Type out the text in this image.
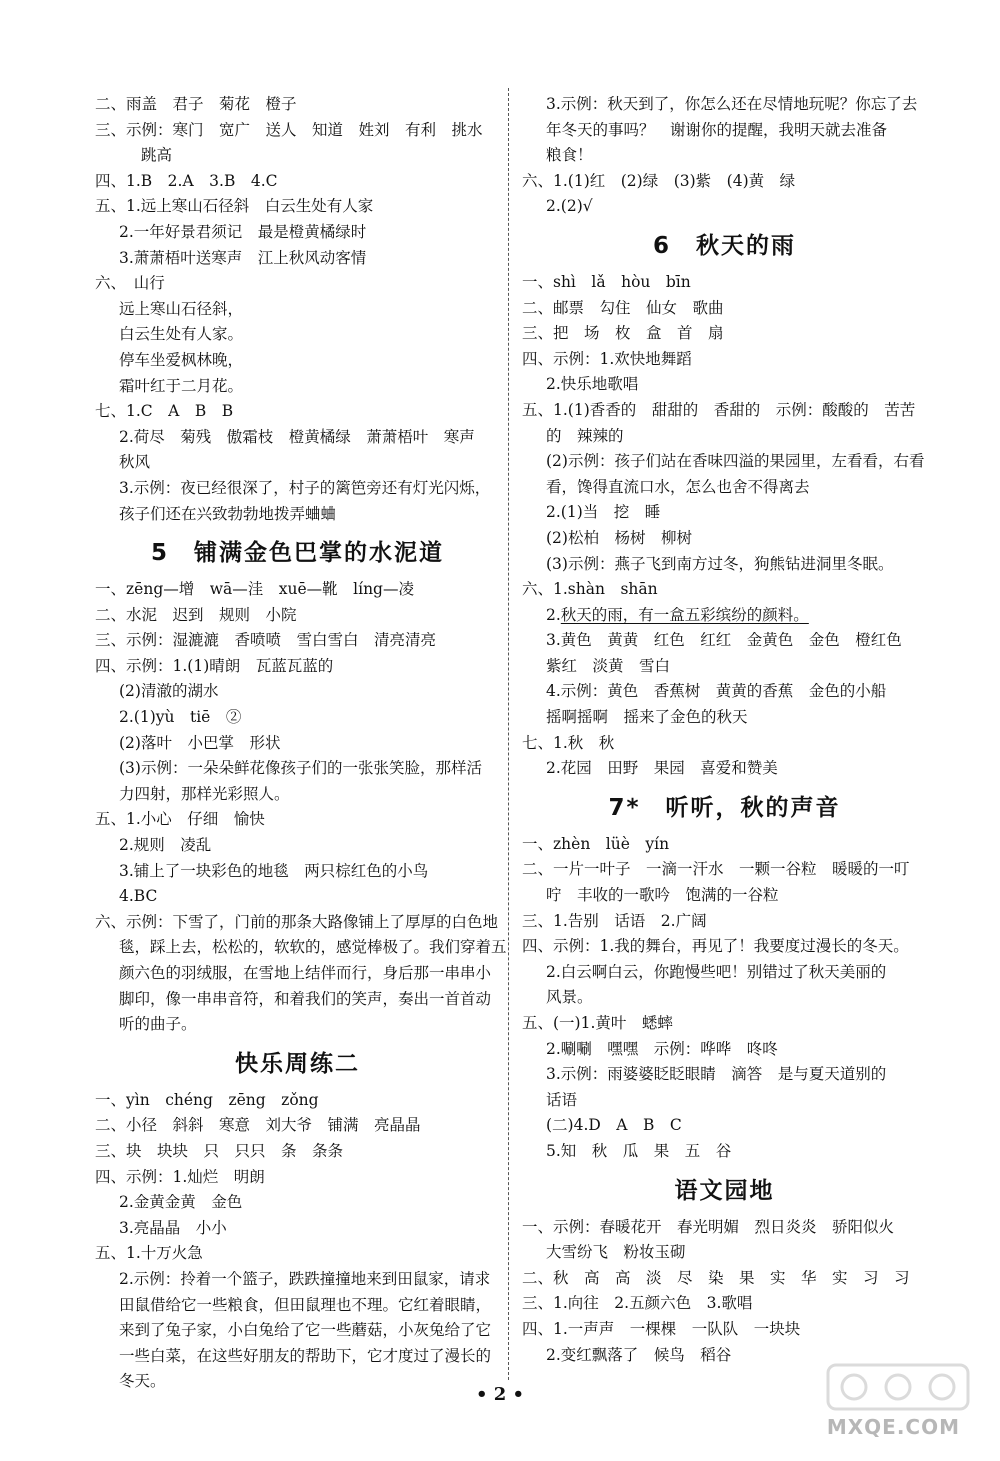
二、雨盖　君子　菊花　橙子
三、示例：寒门　宽广　送人　知道　姓刘　有利　挑水
跳高
四、1.B　2.A　3.B　4.C
五、1.远上寒山石径斜　白云生处有人家
2.一年好景君须记　最是橙黄橘绿时
3.萧萧梧叶送寒声　江上秋风动客情
六、　山行
远上寒山石径斜，
白云生处有人家。
停车坐爱枫林晚，
霜叶红于二月花。
七、1.C　A　B　B
2.荷尽　菊残　傲霜枝　橙黄橘绿　萧萧梧叶　寒声
秋风
3.示例：夜已经很深了，村子的篱笆旁还有灯光闪烁，
孩子们还在兴致勃勃地拨弄蛐蛐
5　铺满金色巴掌的水泥道
一、zēng—增　wā—洼　xuē—靴　líng—凌
二、水泥　迟到　规则　小院
三、示例：湿漉漉　香喷喷　雪白雪白　清亮清亮
四、示例：1.(1)晴朗　瓦蓝瓦蓝的
(2)清澈的湖水
2.(1)yù　tiē　②
(2)落叶　小巴掌　形状
(3)示例：一朵朵鲜花像孩子们的一张张笑脸，那样活
力四射，那样光彩照人。
五、1.小心　仔细　愉快
2.规则　凌乱
3.铺上了一块彩色的地毯　两只棕红色的小鸟
4.BC
六、示例：下雪了，门前的那条大路像铺上了厚厚的白色地
毯，踩上去，松松的，软软的，感觉棒极了。我们穿着五
颜六色的羽绒服，在雪地上结伴而行，身后那一串串小
脚印，像一串串音符，和着我们的笑声，奏出一首首动
听的曲子。
快乐周练二
一、yìn　chéng　zēng　zǒng
二、小径　斜斜　寒意　刘大爷　铺满　亮晶晶
三、块　块块　只　只只　条　条条
四、示例：1.灿烂　明朗
2.金黄金黄　金色
3.亮晶晶　小小
五、1.十万火急
2.示例：拎着一个篮子，跌跌撞撞地来到田鼠家，请求
田鼠借给它一些粮食，但田鼠理也不理。它红着眼睛，
来到了兔子家，小白兔给了它一些蘑菇，小灰兔给了它
一些白菜，在这些好朋友的帮助下，它才度过了漫长的
冬天。
3.示例：秋天到了，你怎么还在尽情地玩呢？你忘了去
年冬天的事吗？　谢谢你的提醒，我明天就去准备
粮食！
六、1.(1)红　(2)绿　(3)紫　(4)黄　绿
2.(2)√
6　秋天的雨
一、shì　lǎ　hòu　bīn
二、邮票　勾住　仙女　歌曲
三、把　场　枚　盒　首　扇
四、示例：1.欢快地舞蹈
2.快乐地歌唱
五、1.(1)香香的　甜甜的　香甜的　示例：酸酸的　苦苦
的　辣辣的
(2)示例：孩子们站在香味四溢的果园里，左看看，右看
看，馋得直流口水，怎么也舍不得离去
2.(1)当　挖　睡
(2)松柏　杨树　柳树
(3)示例：燕子飞到南方过冬，狗熊钻进洞里冬眠。
六、1.shàn　shān
2.秋天的雨，有一盒五彩缤纷的颜料。
3.黄色　黄黄　红色　红红　金黄色　金色　橙红色
紫红　淡黄　雪白
4.示例：黄色　香蕉树　黄黄的香蕉　金色的小船
摇啊摇啊　摇来了金色的秋天
七、1.秋　秋
2.花园　田野　果园　喜爱和赞美
7*　听听，秋的声音
一、zhèn　lüè　yín
二、一片一叶子　一滴一汗水　一颗一谷粒　暖暖的一叮
咛　丰收的一歌吟　饱满的一谷粒
三、1.告别　话语　2.广阔
四、示例：1.我的舞台，再见了！我要度过漫长的冬天。
2.白云啊白云，你跑慢些吧！别错过了秋天美丽的
风景。
五、(一)1.黄叶　蟋蟀
2.唰唰　嘿嘿　示例：哗哗　咚咚
3.示例：雨婆婆眨眨眼睛　滴答　是与夏天道别的
话语
(二)4.D　A　B　C
5.知　秋　瓜　果　五　谷
语文园地
一、示例：春暖花开　春光明媚　烈日炎炎　骄阳似火
大雪纷飞　粉妆玉砌
二、秋　高　高　淡　尽　染　果　实　华　实　习　习
三、1.向往　2.五颜六色　3.歌唱
四、1.一声声　一棵棵　一队队　一块块
2.变红飘落了　候鸟　稻谷
• 2 •
MXQE.COM
